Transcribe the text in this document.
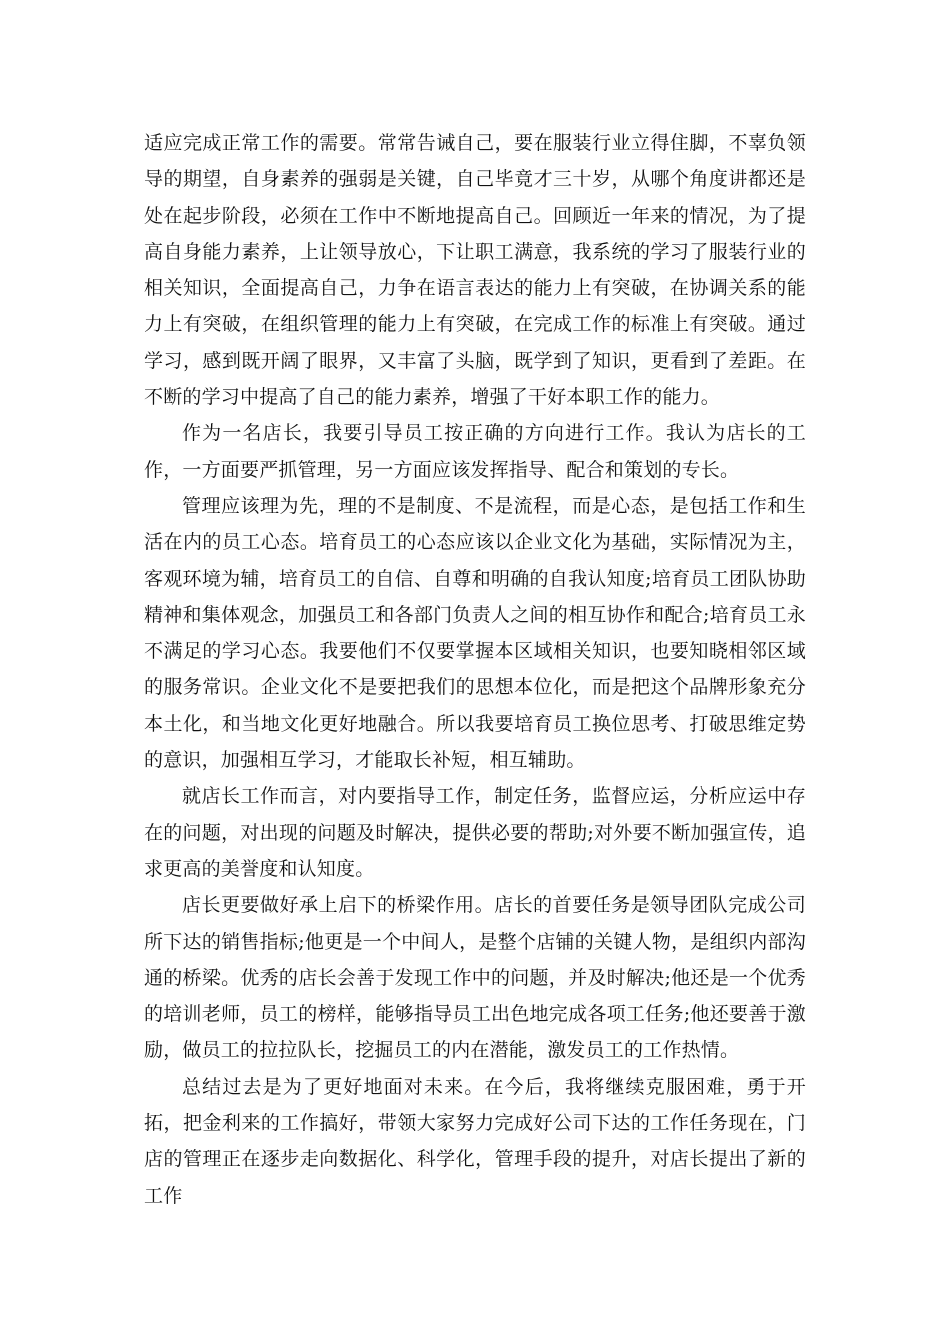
适应完成正常工作的需要。常常告诫自己，要在服装行业立得住脚，不辜负领导的期望，自身素养的强弱是关键，自己毕竟才三十岁，从哪个角度讲都还是处在起步阶段，必须在工作中不断地提高自己。回顾近一年来的情况，为了提高自身能力素养，上让领导放心，下让职工满意，我系统的学习了服装行业的相关知识，全面提高自己，力争在语言表达的能力上有突破，在协调关系的能力上有突破，在组织管理的能力上有突破，在完成工作的标准上有突破。通过学习，感到既开阔了眼界，又丰富了头脑，既学到了知识，更看到了差距。在不断的学习中提高了自己的能力素养，增强了干好本职工作的能力。

作为一名店长，我要引导员工按正确的方向进行工作。我认为店长的工作，一方面要严抓管理，另一方面应该发挥指导、配合和策划的专长。

管理应该理为先，理的不是制度、不是流程，而是心态，是包括工作和生活在内的员工心态。培育员工的心态应该以企业文化为基础，实际情况为主，客观环境为辅，培育员工的自信、自尊和明确的自我认知度;培育员工团队协助精神和集体观念，加强员工和各部门负责人之间的相互协作和配合;培育员工永不满足的学习心态。我要他们不仅要掌握本区域相关知识，也要知晓相邻区域的服务常识。企业文化不是要把我们的思想本位化，而是把这个品牌形象充分本土化，和当地文化更好地融合。所以我要培育员工换位思考、打破思维定势的意识，加强相互学习，才能取长补短，相互辅助。

就店长工作而言，对内要指导工作，制定任务，监督应运，分析应运中存在的问题，对出现的问题及时解决，提供必要的帮助;对外要不断加强宣传，追求更高的美誉度和认知度。

店长更要做好承上启下的桥梁作用。店长的首要任务是领导团队完成公司所下达的销售指标;他更是一个中间人，是整个店铺的关键人物，是组织内部沟通的桥梁。优秀的店长会善于发现工作中的问题，并及时解决;他还是一个优秀的培训老师，员工的榜样，能够指导员工出色地完成各项工任务;他还要善于激励，做员工的拉拉队长，挖掘员工的内在潜能，激发员工的工作热情。

总结过去是为了更好地面对未来。在今后，我将继续克服困难，勇于开拓，把金利来的工作搞好，带领大家努力完成好公司下达的工作任务现在，门店的管理正在逐步走向数据化、科学化，管理手段的提升，对店长提出了新的工作
